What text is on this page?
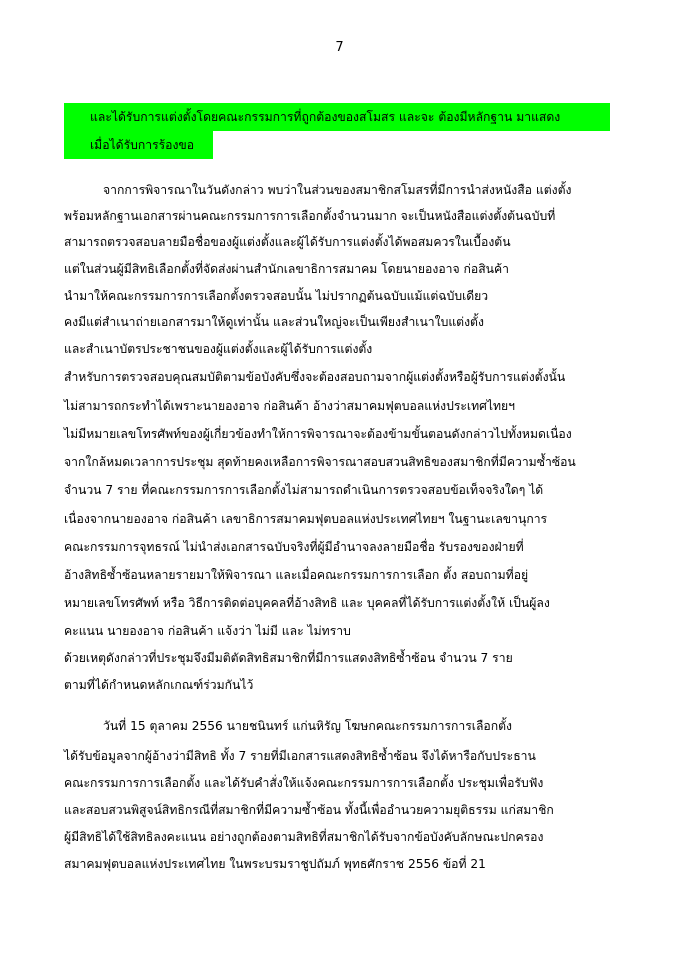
7
และได้รับการแต่งตั้งโดยคณะกรรมการที่ถูกต้องของสโมสร และจะ ต้องมีหลักฐาน มาแสดง
เมื่อได้รับการร้องขอ
จากการพิจารณาในวันดังกล่าว พบว่าในส่วนของสมาชิกสโมสรที่มีการนำส่งหนังสือ แต่งตั้ง
พร้อมหลักฐานเอกสารผ่านคณะกรรมการการเลือกตั้งจำนวนมาก จะเป็นหนังสือแต่งตั้งต้นฉบับที่
สามารถตรวจสอบลายมือชื่อของผู้แต่งตั้งและผู้ได้รับการแต่งตั้งได้พอสมควรในเบื้องต้น
แต่ในส่วนผู้มีสิทธิเลือกตั้งที่จัดส่งผ่านสำนักเลขาธิการสมาคม โดยนายองอาจ ก่อสินค้า
นำมาให้คณะกรรมการการเลือกตั้งตรวจสอบนั้น ไม่ปรากฏต้นฉบับแม้แต่ฉบับเดียว
คงมีแต่สำเนาถ่ายเอกสารมาให้ดูเท่านั้น และส่วนใหญ่จะเป็นเพียงสำเนาใบแต่งตั้ง
และสำเนาบัตรประชาชนของผู้แต่งตั้งและผู้ได้รับการแต่งตั้ง
สำหรับการตรวจสอบคุณสมบัติตามข้อบังคับซึ่งจะต้องสอบถามจากผู้แต่งตั้งหรือผู้รับการแต่งตั้งนั้น
ไม่สามารถกระทำได้เพราะนายองอาจ ก่อสินค้า อ้างว่าสมาคมฟุตบอลแห่งประเทศไทยฯ
ไม่มีหมายเลขโทรศัพท์ของผู้เกี่ยวข้องทำให้การพิจารณาจะต้องข้ามขั้นตอนดังกล่าวไปทั้งหมดเนื่อง
จากใกล้หมดเวลาการประชุม สุดท้ายคงเหลือการพิจารณาสอบสวนสิทธิของสมาชิกที่มีความซ้ำซ้อน
จำนวน 7 ราย ที่คณะกรรมการการเลือกตั้งไม่สามารถดำเนินการตรวจสอบข้อเท็จจริงใดๆ ได้
เนื่องจากนายองอาจ ก่อสินค้า เลขาธิการสมาคมฟุตบอลแห่งประเทศไทยฯ ในฐานะเลขานุการ
คณะกรรมการจุทธรณ์ ไม่นำส่งเอกสารฉบับจริงที่ผู้มีอำนาจลงลายมือชื่อ รับรองของฝ่ายที่
อ้างสิทธิซ้ำซ้อนหลายรายมาให้พิจารณา และเมื่อคณะกรรมการการเลือก ตั้ง สอบถามที่อยู่
หมายเลขโทรศัพท์ หรือ วิธีการติดต่อบุคคลที่อ้างสิทธิ และ บุคคลที่ได้รับการแต่งตั้งให้ เป็นผู้ลง
คะแนน นายองอาจ ก่อสินค้า แจ้งว่า ไม่มี และ ไม่ทราบ
ด้วยเหตุดังกล่าวที่ประชุมจึงมีมติตัดสิทธิสมาชิกที่มีการแสดงสิทธิซ้ำซ้อน จำนวน 7 ราย
ตามที่ได้กำหนดหลักเกณฑ์ร่วมกันไว้
วันที่ 15 ตุลาคม 2556 นายชนินทร์ แก่นหิรัญ โฆษกคณะกรรมการการเลือกตั้ง
ได้รับข้อมูลจากผู้อ้างว่ามีสิทธิ ทั้ง 7 รายที่มีเอกสารแสดงสิทธิซ้ำซ้อน จึงได้หารือกับประธาน
คณะกรรมการการเลือกตั้ง และได้รับคำสั่งให้แจ้งคณะกรรมการการเลือกตั้ง ประชุมเพื่อรับฟัง
และสอบสวนพิสูจน์สิทธิกรณีที่สมาชิกที่มีความซ้ำซ้อน ทั้งนี้เพื่ออำนวยความยุติธรรม แก่สมาชิก
ผู้มีสิทธิได้ใช้สิทธิลงคะแนน อย่างถูกต้องตามสิทธิที่สมาชิกได้รับจากข้อบังคับลักษณะปกครอง
สมาคมฟุตบอลแห่งประเทศไทย ในพระบรมราชูปถัมภ์ พุทธศักราช 2556 ข้อที่ 21
